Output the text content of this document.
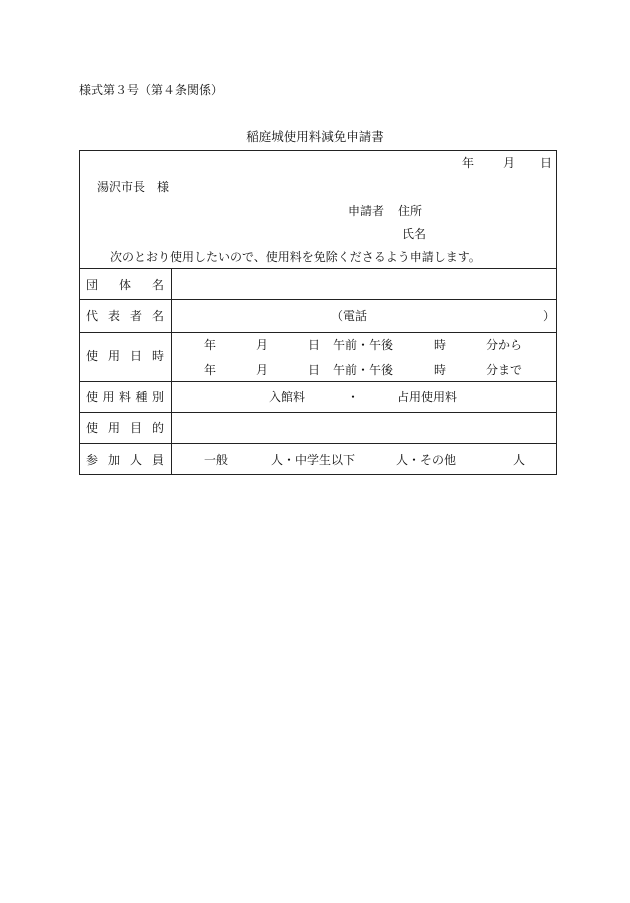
様式第３号（第４条関係）
稲庭城使用料減免申請書
年 月 日
湯沢市長　様
申請者 住所
氏名
次のとおり使用したいので、使用料を免除くださるよう申請します。
団 体 名
代 表 者 名	（電話	）
使 用 日 時
年	月	日 午前・午後	時	分から
年	月	日 午前・午後	時	分まで
使 用 料 種 別	入館料	・	占用使用料
使 用 目 的
参 加 人 員	一般	人・中学生以下	人・その他	人
